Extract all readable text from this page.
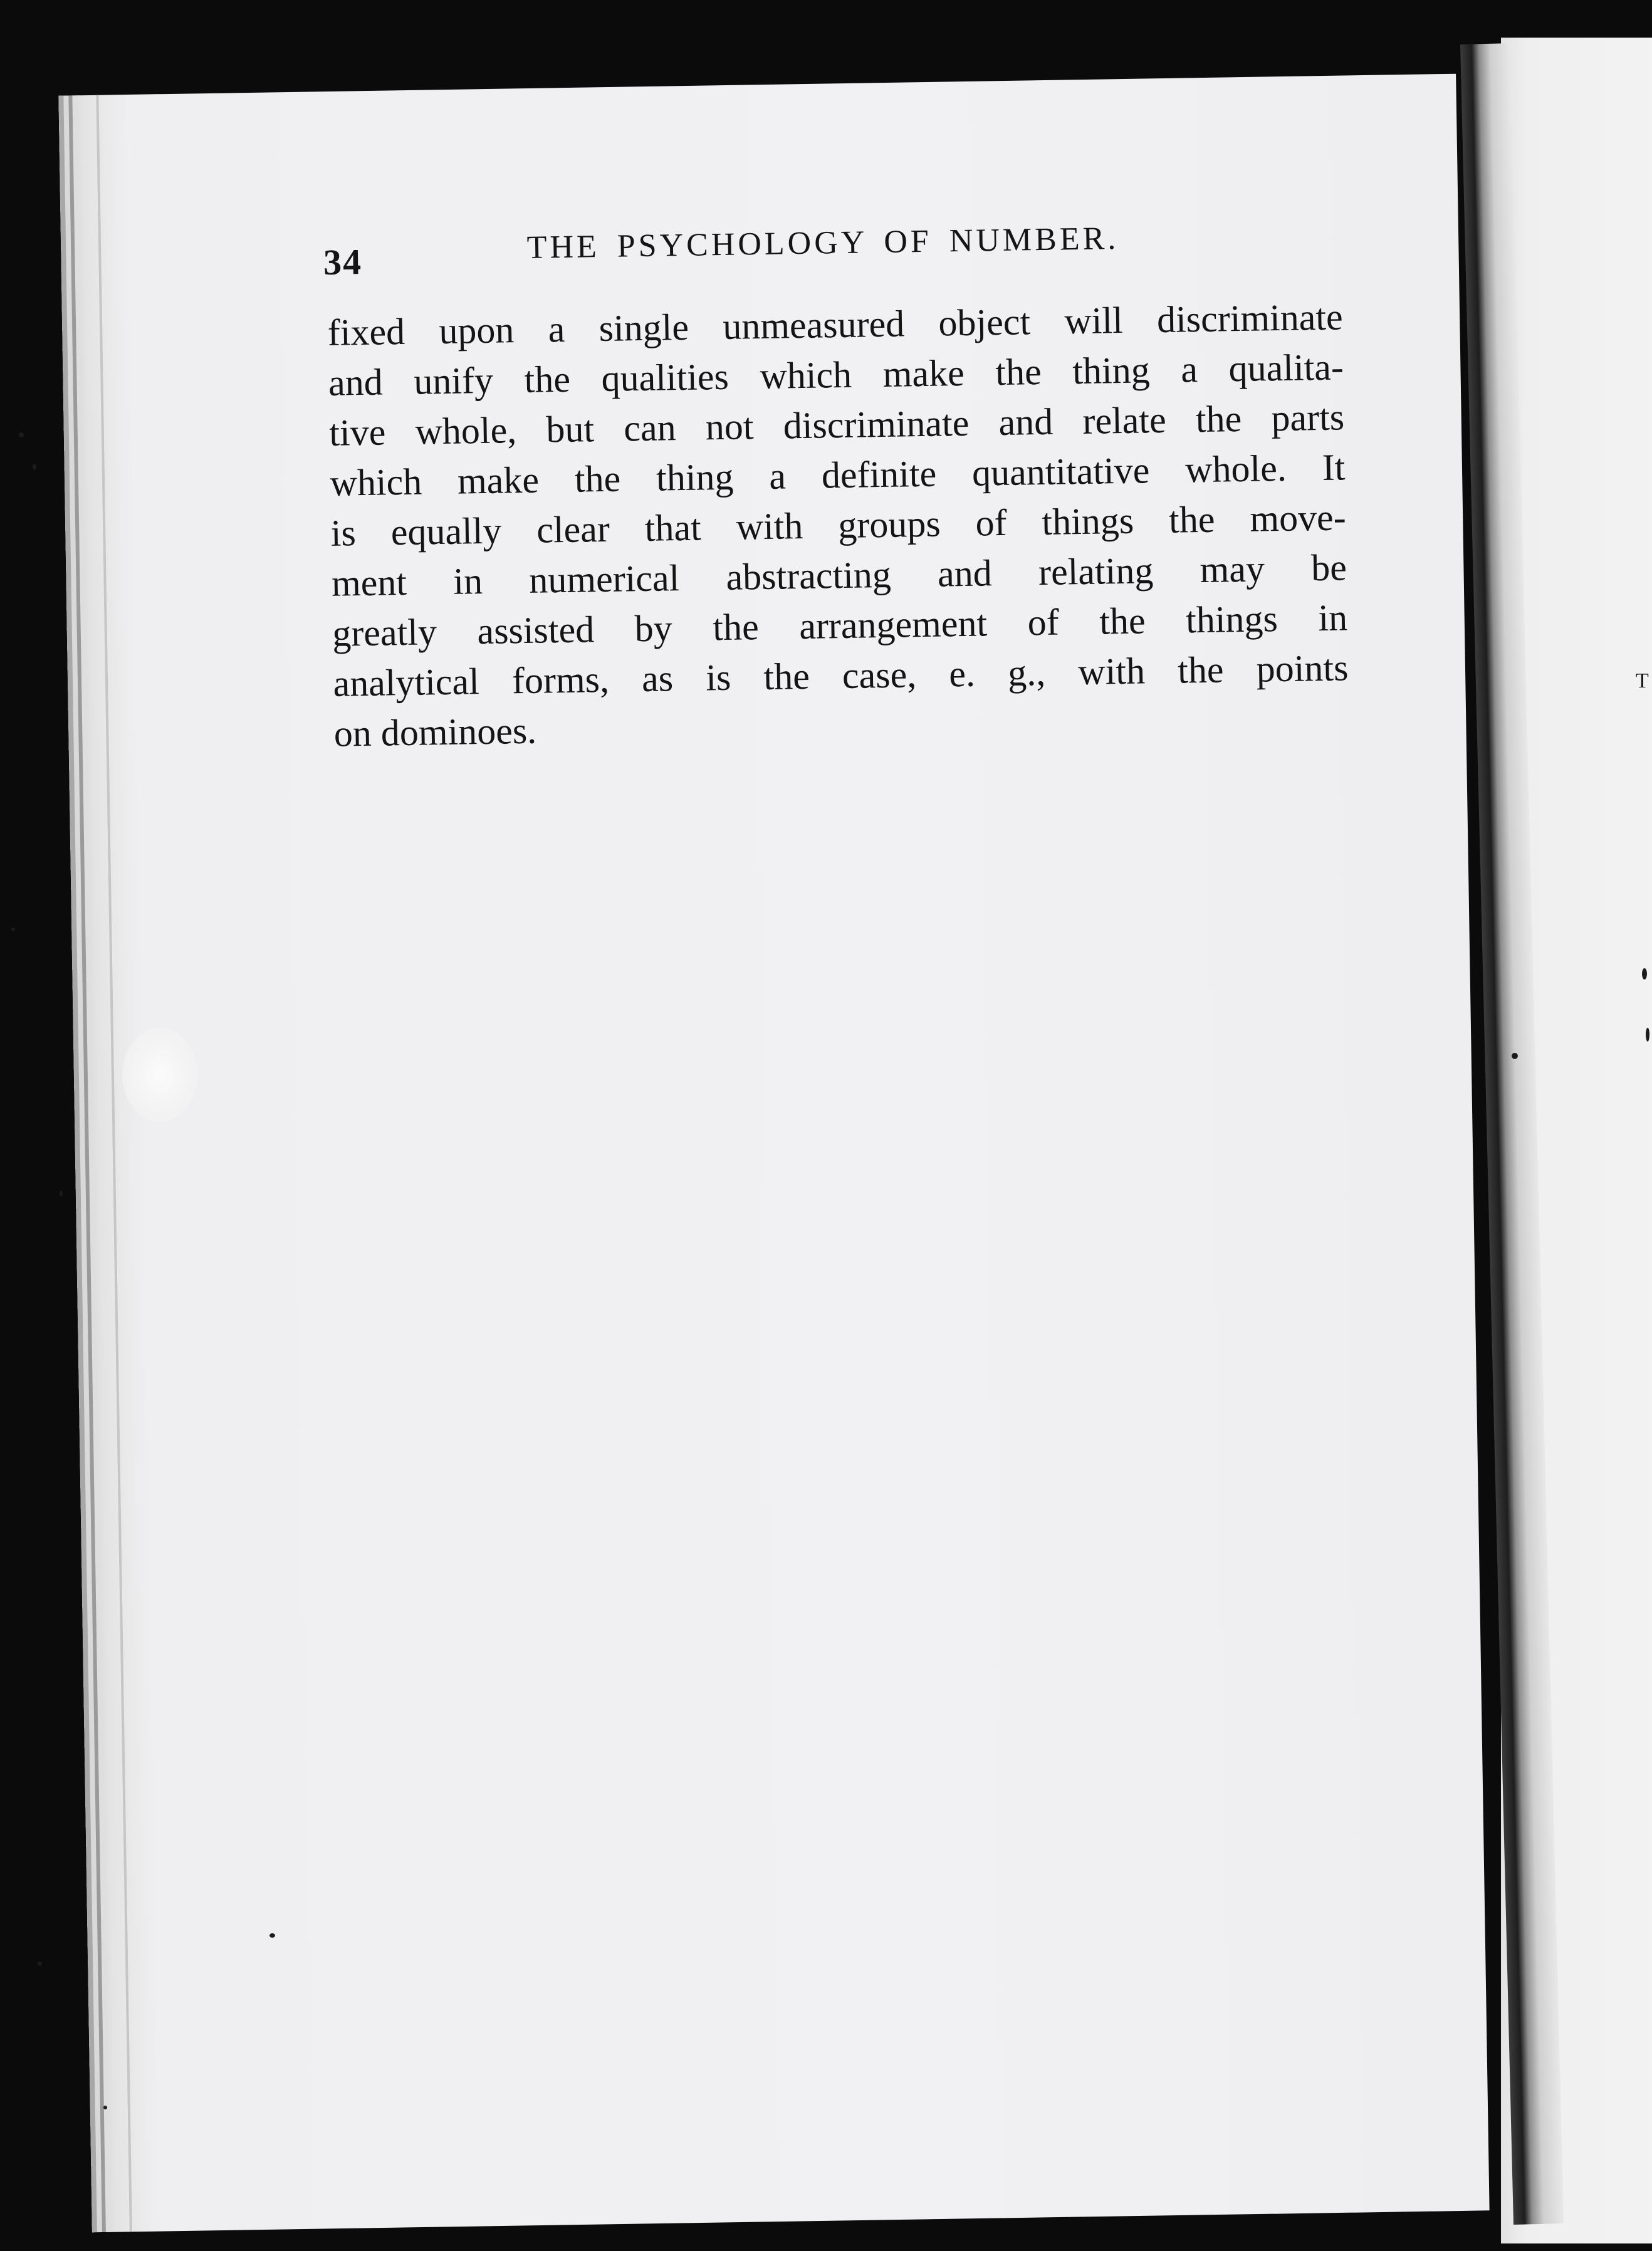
34	THE PSYCHOLOGY OF NUMBER.
fixed upon a single unmeasured object will discriminate
and unify the qualities which make the thing a qualita-
tive whole, but can not discriminate and relate the parts
which make the thing a definite quantitative whole. It
is equally clear that with groups of things the move-
ment in numerical abstracting and relating may be
greatly assisted by the arrangement of the things in
analytical forms, as is the case, e. g., with the points
on dominoes.
T
